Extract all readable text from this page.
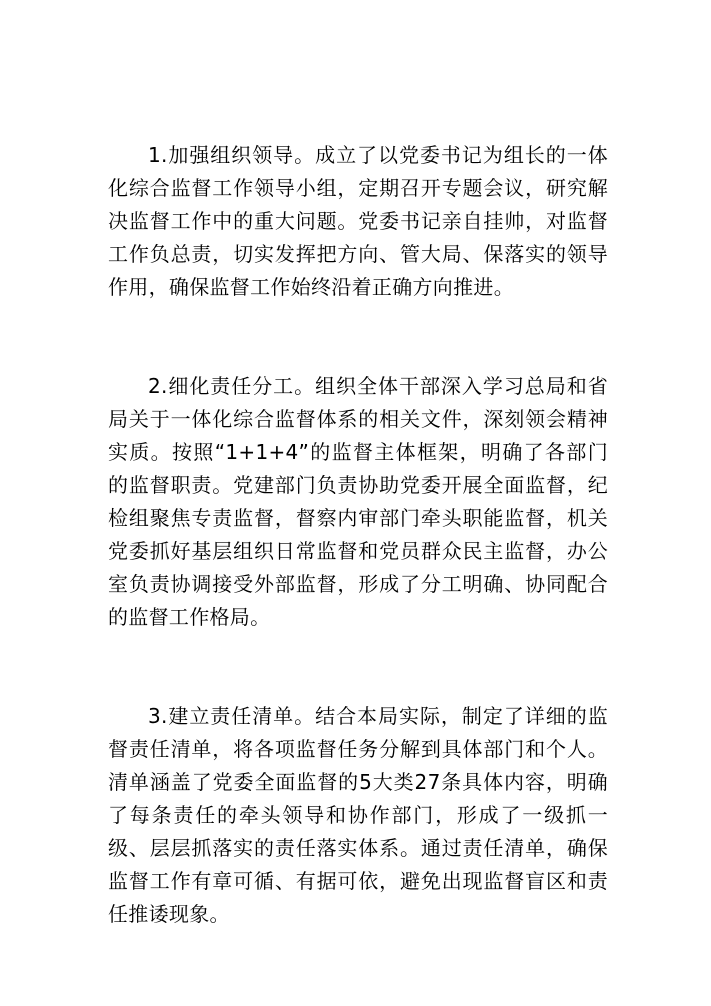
1.加强组织领导。成立了以党委书记为组长的一体化综合监督工作领导小组，定期召开专题会议，研究解决监督工作中的重大问题。党委书记亲自挂帅，对监督工作负总责，切实发挥把方向、管大局、保落实的领导作用，确保监督工作始终沿着正确方向推进。

2.细化责任分工。组织全体干部深入学习总局和省局关于一体化综合监督体系的相关文件，深刻领会精神实质。按照“1+1+4”的监督主体框架，明确了各部门的监督职责。党建部门负责协助党委开展全面监督，纪检组聚焦专责监督，督察内审部门牵头职能监督，机关党委抓好基层组织日常监督和党员群众民主监督，办公室负责协调接受外部监督，形成了分工明确、协同配合的监督工作格局。

3.建立责任清单。结合本局实际，制定了详细的监督责任清单，将各项监督任务分解到具体部门和个人。清单涵盖了党委全面监督的5大类27条具体内容，明确了每条责任的牵头领导和协作部门，形成了一级抓一级、层层抓落实的责任落实体系。通过责任清单，确保监督工作有章可循、有据可依，避免出现监督盲区和责任推诿现象。
